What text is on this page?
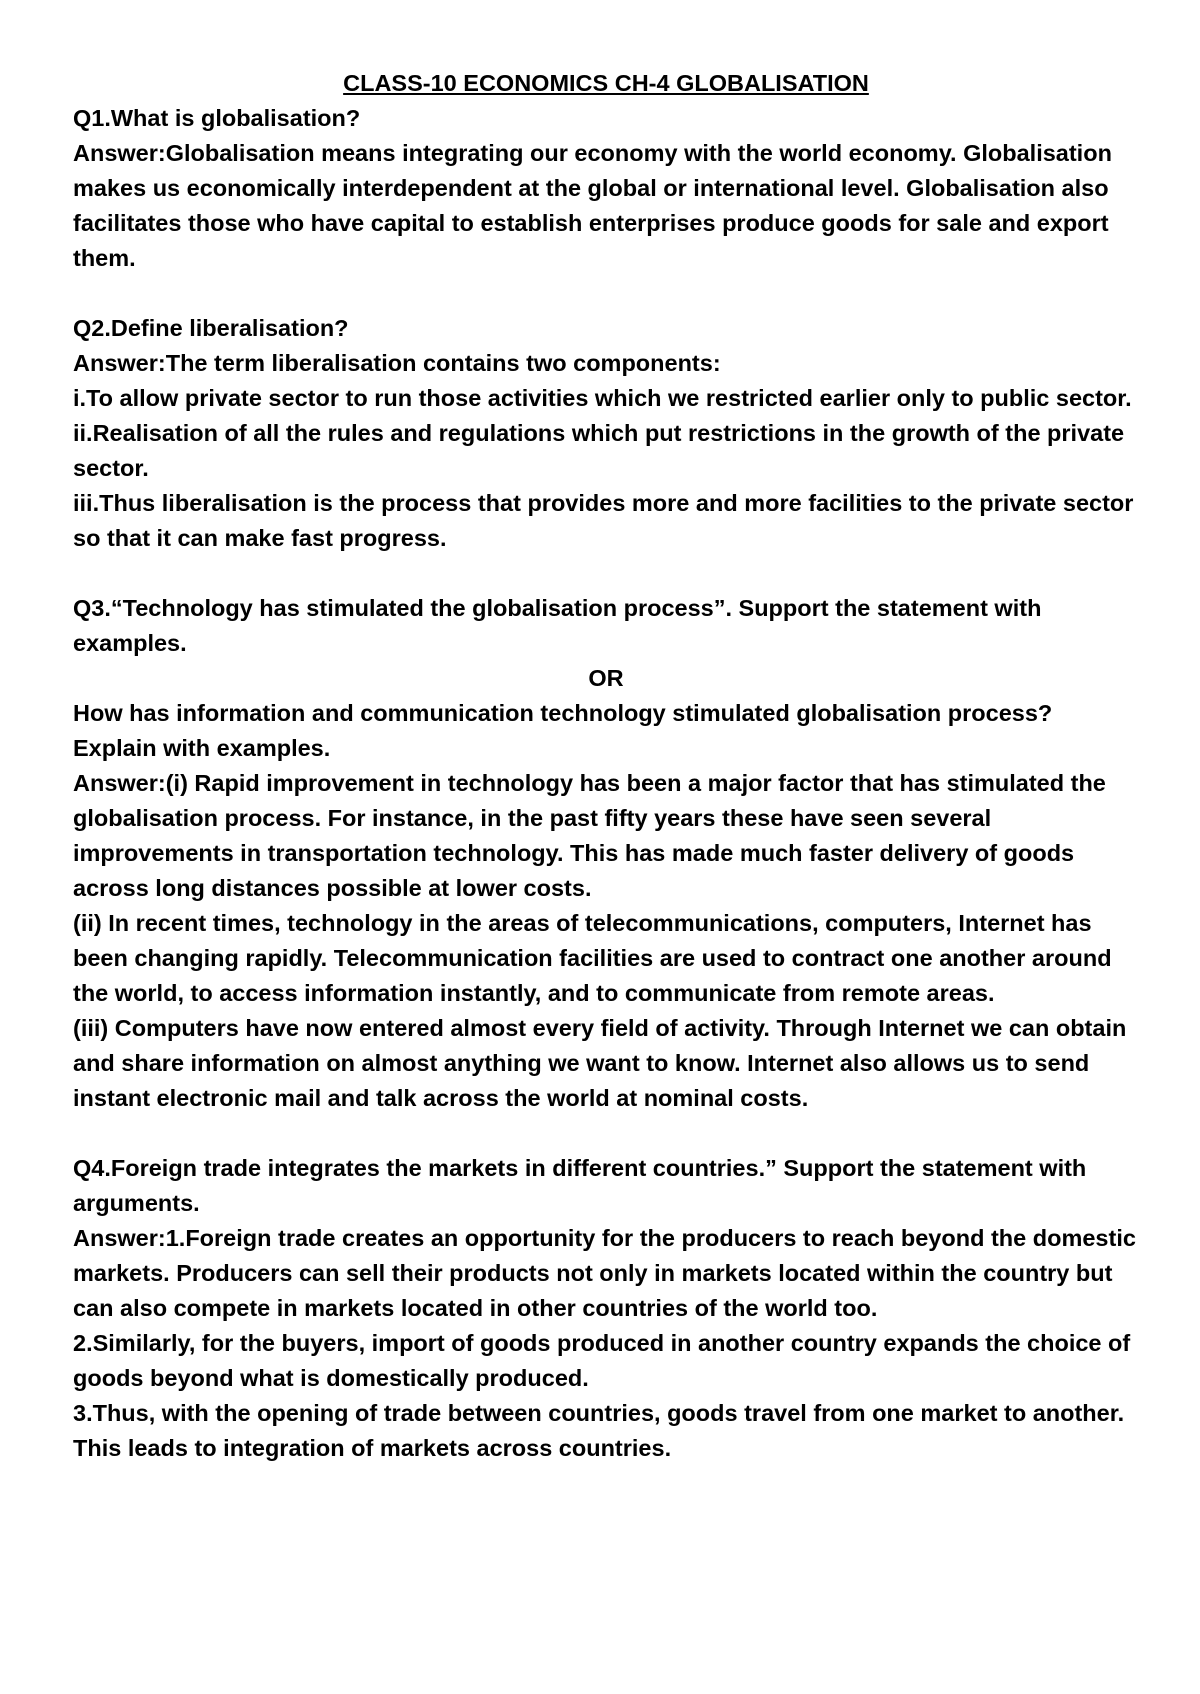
CLASS-10 ECONOMICS CH-4 GLOBALISATION

Q1.What is globalisation?

Answer:Globalisation means integrating our economy with the world economy. Globalisation makes us economically interdependent at the global or international level. Globalisation also facilitates those who have capital to establish enterprises produce goods for sale and export them.

Q2.Define liberalisation?

Answer:The term liberalisation contains two components:

i.To allow private sector to run those activities which we restricted earlier only to public sector.

ii.Realisation of all the rules and regulations which put restrictions in the growth of the private sector.

iii.Thus liberalisation is the process that provides more and more facilities to the private sector so that it can make fast progress.

Q3.“Technology has stimulated the globalisation process”. Support the statement with examples.

OR

How has information and communication technology stimulated globalisation process? Explain with examples.

Answer:(i) Rapid improvement in technology has been a major factor that has stimulated the globalisation process. For instance, in the past fifty years these have seen several improvements in transportation technology. This has made much faster delivery of goods across long distances possible at lower costs.

(ii) In recent times, technology in the areas of telecommunications, computers, Internet has been changing rapidly. Telecommunication facilities are used to contract one another around the world, to access information instantly, and to communicate from remote areas.

(iii) Computers have now entered almost every field of activity. Through Internet we can obtain and share information on almost anything we want to know. Internet also allows us to send instant electronic mail and talk across the world at nominal costs.

Q4.Foreign trade integrates the markets in different countries.” Support the statement with arguments.

Answer:1.Foreign trade creates an opportunity for the producers to reach beyond the domestic markets. Producers can sell their products not only in markets located within the country but can also compete in markets located in other countries of the world too.

2.Similarly, for the buyers, import of goods produced in another country expands the choice of goods beyond what is domestically produced.

3.Thus, with the opening of trade between countries, goods travel from one market to another. This leads to integration of markets across countries.
